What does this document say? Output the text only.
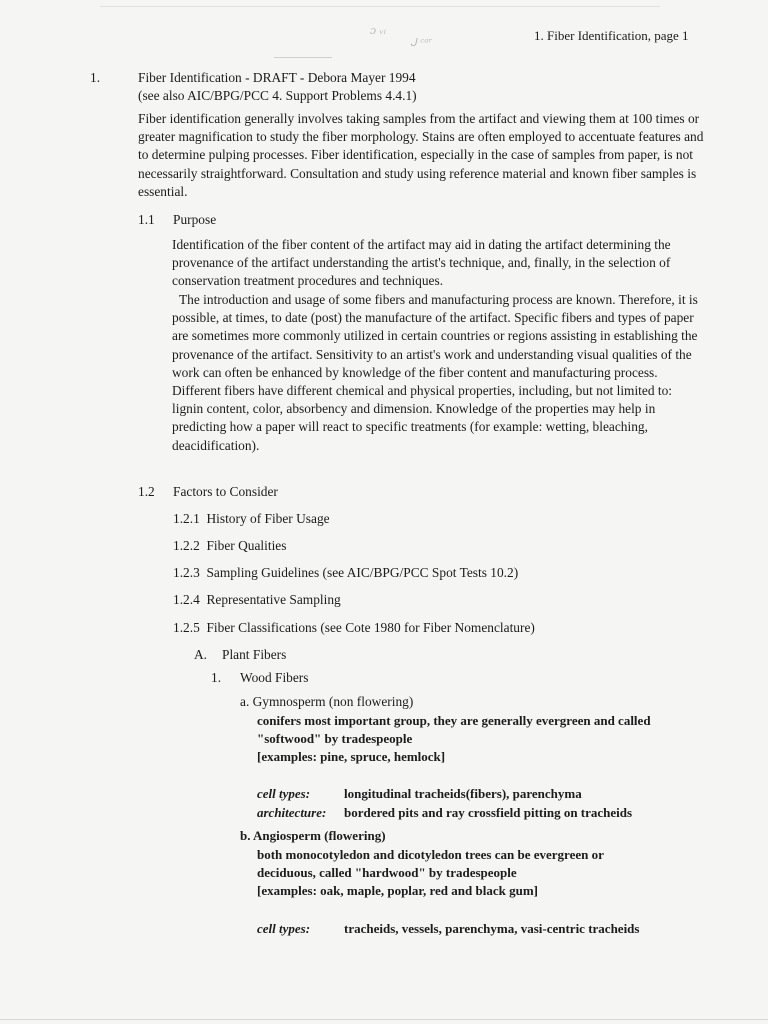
ɔ ᵥᵢ
ᒍ ᶜᵃʳ	1. Fiber Identification, page 1
1.	Fiber Identification - DRAFT - Debora Mayer 1994
(see also AIC/BPG/PCC 4. Support Problems 4.4.1)
Fiber identification generally involves taking samples from the artifact and viewing them at 100 times or greater magnification to study the fiber morphology. Stains are often employed to accentuate features and to determine pulping processes. Fiber identification, especially in the case of samples from paper, is not necessarily straightforward. Consultation and study using reference material and known fiber samples is essential.
1.1 Purpose
Identification of the fiber content of the artifact may aid in dating the artifact determining the provenance of the artifact understanding the artist's technique, and, finally, in the selection of conservation treatment procedures and techniques.
The introduction and usage of some fibers and manufacturing process are known. Therefore, it is possible, at times, to date (post) the manufacture of the artifact. Specific fibers and types of paper are sometimes more commonly utilized in certain countries or regions assisting in establishing the provenance of the artifact. Sensitivity to an artist's work and understanding visual qualities of the work can often be enhanced by knowledge of the fiber content and manufacturing process. Different fibers have different chemical and physical properties, including, but not limited to: lignin content, color, absorbency and dimension. Knowledge of the properties may help in predicting how a paper will react to specific treatments (for example: wetting, bleaching, deacidification).
1.2 Factors to Consider
1.2.1 History of Fiber Usage
1.2.2 Fiber Qualities
1.2.3 Sampling Guidelines (see AIC/BPG/PCC Spot Tests 10.2)
1.2.4 Representative Sampling
1.2.5 Fiber Classifications (see Cote 1980 for Fiber Nomenclature)
A. Plant Fibers
1. Wood Fibers
a. Gymnosperm (non flowering)
conifers most important group, they are generally evergreen and called
"softwood" by tradespeople
[examples: pine, spruce, hemlock]
cell types:	longitudinal tracheids(fibers), parenchyma
architecture: bordered pits and ray crossfield pitting on tracheids
b. Angiosperm (flowering)
both monocotyledon and dicotyledon trees can be evergreen or
deciduous, called "hardwood" by tradespeople
[examples: oak, maple, poplar, red and black gum]
cell types:	tracheids, vessels, parenchyma, vasi-centric tracheids
